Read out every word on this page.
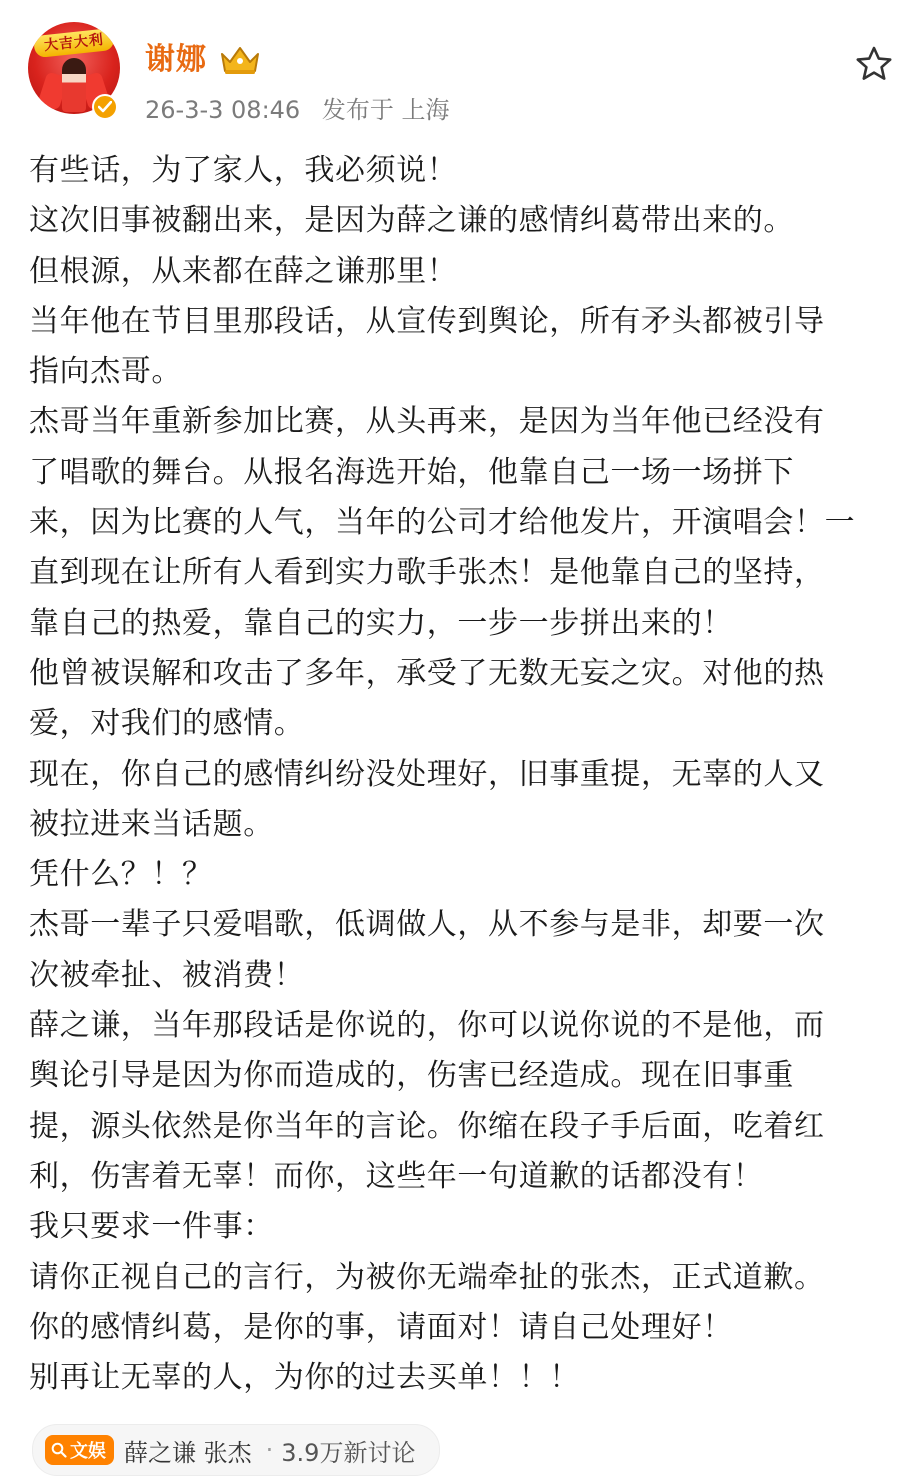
大吉大利	谢娜
26-3-3 08:46 发布于 上海
有些话，为了家人，我必须说！
这次旧事被翻出来，是因为薛之谦的感情纠葛带出来的。
但根源，从来都在薛之谦那里！
当年他在节目里那段话，从宣传到舆论，所有矛头都被引导
指向杰哥。
杰哥当年重新参加比赛，从头再来，是因为当年他已经没有
了唱歌的舞台。从报名海选开始，他靠自己一场一场拼下
来，因为比赛的人气，当年的公司才给他发片，开演唱会！一
直到现在让所有人看到实力歌手张杰！是他靠自己的坚持，
靠自己的热爱，靠自己的实力，一步一步拼出来的！
他曾被误解和攻击了多年，承受了无数无妄之灾。对他的热
爱，对我们的感情。
现在，你自己的感情纠纷没处理好，旧事重提，无辜的人又
被拉进来当话题。
凭什么？！？
杰哥一辈子只爱唱歌，低调做人，从不参与是非，却要一次
次被牵扯、被消费！
薛之谦，当年那段话是你说的，你可以说你说的不是他，而
舆论引导是因为你而造成的，伤害已经造成。现在旧事重
提，源头依然是你当年的言论。你缩在段子手后面，吃着红
利，伤害着无辜！而你，这些年一句道歉的话都没有！
我只要求一件事：
请你正视自己的言行，为被你无端牵扯的张杰，正式道歉。
你的感情纠葛，是你的事，请面对！请自己处理好！
别再让无辜的人，为你的过去买单！！！
文娱 薛之谦 张杰 · 3.9万新讨论
